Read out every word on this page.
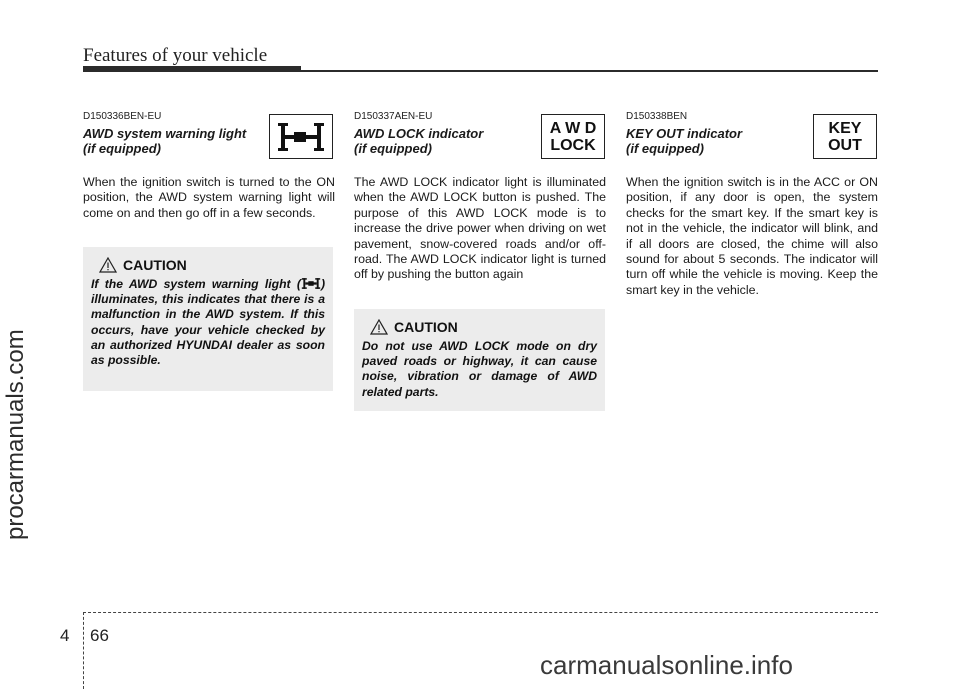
Features of your vehicle
procarmanuals.com
D150336BEN-EU
AWD system warning light
(if equipped)
When the ignition switch is turned to the ON position, the AWD system warning light will come on and then go off in a few seconds.
D150337AEN-EU
AWD LOCK indicator
(if equipped)
The AWD LOCK indicator light is illuminated when the AWD LOCK button is pushed. The purpose of this AWD LOCK mode is to increase the drive power when driving on wet pavement, snow-covered roads and/or off-road. The AWD LOCK indicator light is turned off by pushing the button again
A W D
LOCK
D150338BEN
KEY OUT indicator
(if equipped)
When the ignition switch is in the ACC or ON position, if any door is open, the system checks for the smart key. If the smart key is not in the vehicle, the indicator will blink, and if all doors are closed, the chime will also sound for about 5 seconds. The indicator will turn off while the vehicle is moving. Keep the smart key in the vehicle.
KEY
OUT
CAUTION
If the AWD system warning light ( ) illuminates, this indicates that there is a malfunction in the AWD system. If this occurs, have your vehicle checked by an authorized HYUNDAI dealer as soon as possible.
CAUTION
Do not use AWD LOCK mode on dry paved roads or highway, it can cause noise, vibration or damage of AWD related parts.
4 66
carmanualsonline.info
